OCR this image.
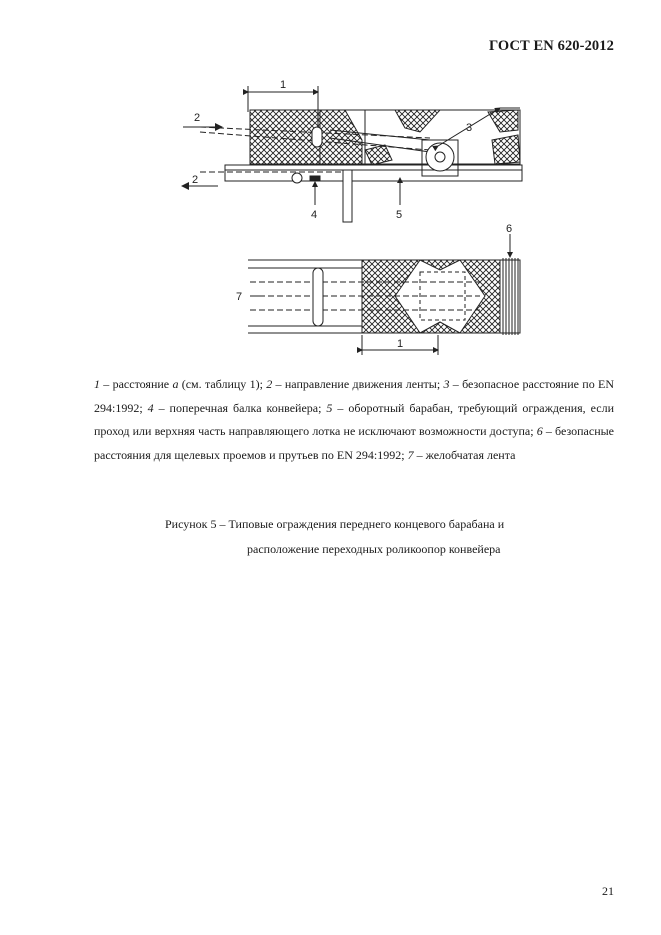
ГОСТ EN 620-2012
1
2
2
3
4	5
6
7
1
1 – расстояние a (см. таблицу 1); 2 – направление движения ленты; 3 – безопасное расстояние по EN 294:1992; 4 – поперечная балка конвейера; 5 – оборотный барабан, требующий ограждения, если проход или верхняя часть направляющего лотка не исключают возможности доступа; 6 – безопасные расстояния для щелевых проемов и прутьев по EN 294:1992; 7 – желобчатая лента
Рисунок 5 – Типовые ограждения переднего концевого барабана и
расположение переходных роликоопор конвейера
21
